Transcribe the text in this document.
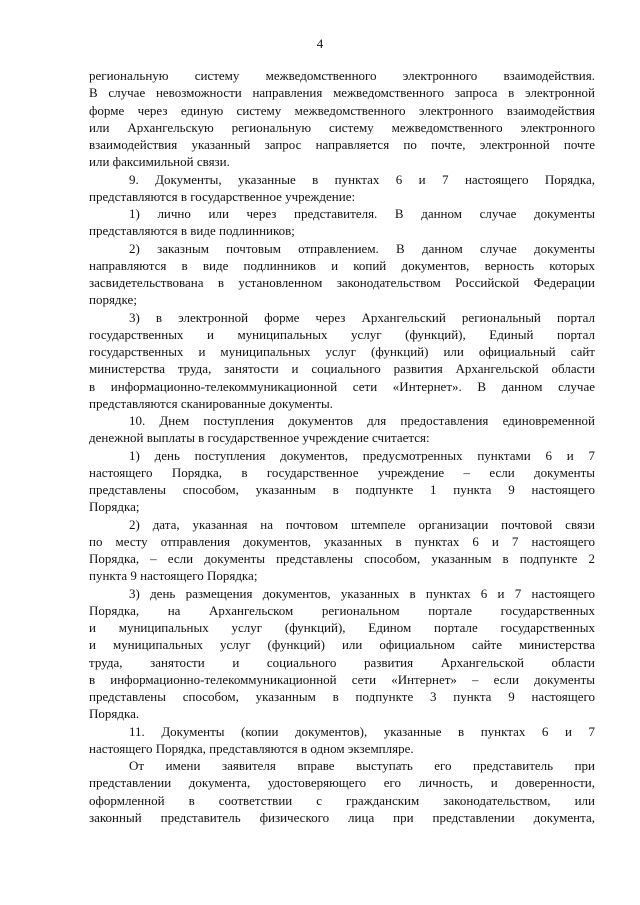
4
региональную систему межведомственного электронного взаимодействия.
В случае невозможности направления межведомственного запроса в электронной
форме через единую систему межведомственного электронного взаимодействия
или Архангельскую региональную систему межведомственного электронного
взаимодействия указанный запрос направляется по почте, электронной почте
или факсимильной связи.
9. Документы, указанные в пунктах 6 и 7 настоящего Порядка,
представляются в государственное учреждение:
1) лично или через представителя. В данном случае документы
представляются в виде подлинников;
2) заказным почтовым отправлением. В данном случае документы
направляются в виде подлинников и копий документов, верность которых
засвидетельствована в установленном законодательством Российской Федерации
порядке;
3) в электронной форме через Архангельский региональный портал
государственных и муниципальных услуг (функций), Единый портал
государственных и муниципальных услуг (функций) или официальный сайт
министерства труда, занятости и социального развития Архангельской области
в информационно-телекоммуникационной сети «Интернет». В данном случае
представляются сканированные документы.
10. Днем поступления документов для предоставления единовременной
денежной выплаты в государственное учреждение считается:
1) день поступления документов, предусмотренных пунктами 6 и 7
настоящего Порядка, в государственное учреждение – если документы
представлены способом, указанным в подпункте 1 пункта 9 настоящего
Порядка;
2) дата, указанная на почтовом штемпеле организации почтовой связи
по месту отправления документов, указанных в пунктах 6 и 7 настоящего
Порядка, – если документы представлены способом, указанным в подпункте 2
пункта 9 настоящего Порядка;
3) день размещения документов, указанных в пунктах 6 и 7 настоящего
Порядка, на Архангельском региональном портале государственных
и муниципальных услуг (функций), Едином портале государственных
и муниципальных услуг (функций) или официальном сайте министерства
труда, занятости и социального развития Архангельской области
в информационно-телекоммуникационной сети «Интернет» – если документы
представлены способом, указанным в подпункте 3 пункта 9 настоящего
Порядка.
11. Документы (копии документов), указанные в пунктах 6 и 7
настоящего Порядка, представляются в одном экземпляре.
От имени заявителя вправе выступать его представитель при
представлении документа, удостоверяющего его личность, и доверенности,
оформленной в соответствии с гражданским законодательством, или
законный представитель физического лица при представлении документа,
